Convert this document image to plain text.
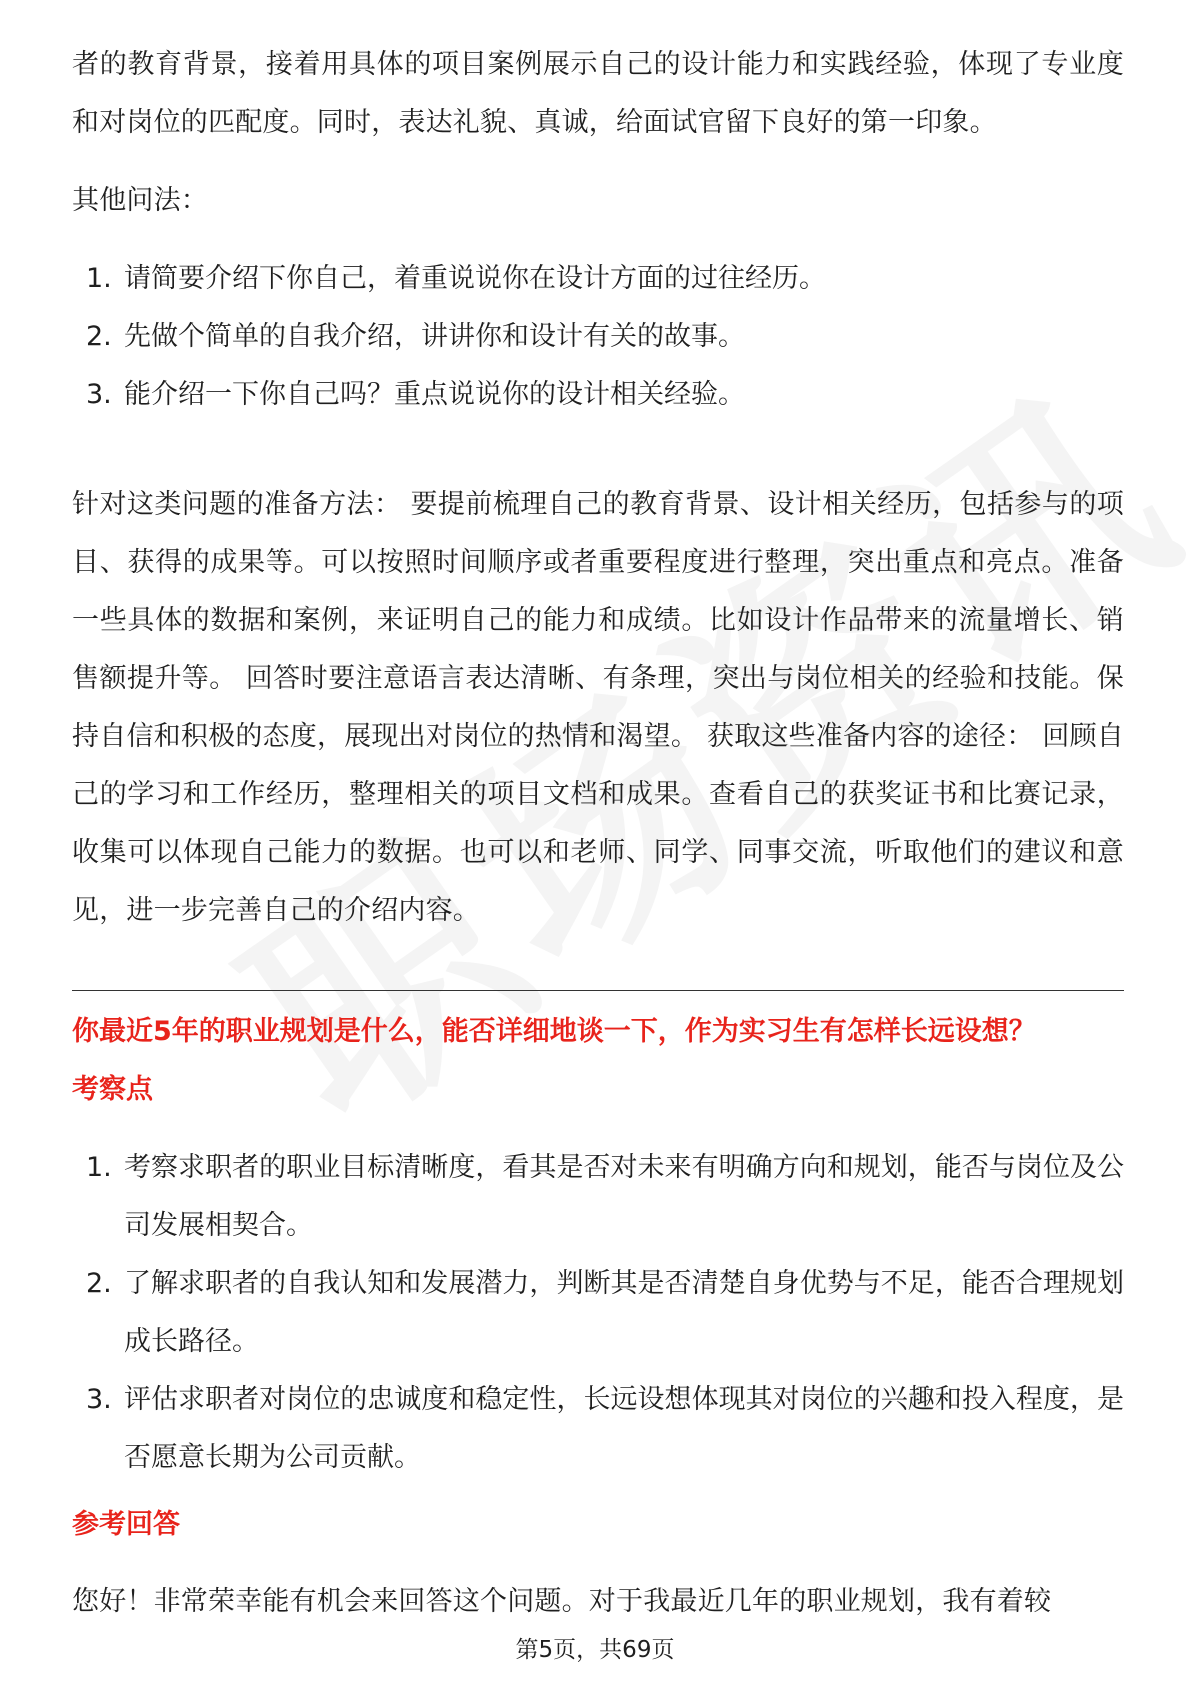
者的教育背景，接着用具体的项目案例展示自己的设计能力和实践经验，体现了专业度和对岗位的匹配度。同时，表达礼貌、真诚，给面试官留下良好的第一印象。

其他问法：

1. 请简要介绍下你自己，着重说说你在设计方面的过往经历。
2. 先做个简单的自我介绍，讲讲你和设计有关的故事。
3. 能介绍一下你自己吗？重点说说你的设计相关经验。

针对这类问题的准备方法： 要提前梳理自己的教育背景、设计相关经历，包括参与的项目、获得的成果等。可以按照时间顺序或者重要程度进行整理，突出重点和亮点。准备一些具体的数据和案例，来证明自己的能力和成绩。比如设计作品带来的流量增长、销售额提升等。 回答时要注意语言表达清晰、有条理，突出与岗位相关的经验和技能。保持自信和积极的态度，展现出对岗位的热情和渴望。 获取这些准备内容的途径： 回顾自己的学习和工作经历，整理相关的项目文档和成果。查看自己的获奖证书和比赛记录，收集可以体现自己能力的数据。也可以和老师、同学、同事交流，听取他们的建议和意见，进一步完善自己的介绍内容。

你最近5年的职业规划是什么，能否详细地谈一下，作为实习生有怎样长远设想？

考察点

1. 考察求职者的职业目标清晰度，看其是否对未来有明确方向和规划，能否与岗位及公司发展相契合。
2. 了解求职者的自我认知和发展潜力，判断其是否清楚自身优势与不足，能否合理规划成长路径。
3. 评估求职者对岗位的忠诚度和稳定性，长远设想体现其对岗位的兴趣和投入程度，是否愿意长期为公司贡献。

参考回答

您好！非常荣幸能有机会来回答这个问题。对于我最近几年的职业规划，我有着较

第5页，共69页
